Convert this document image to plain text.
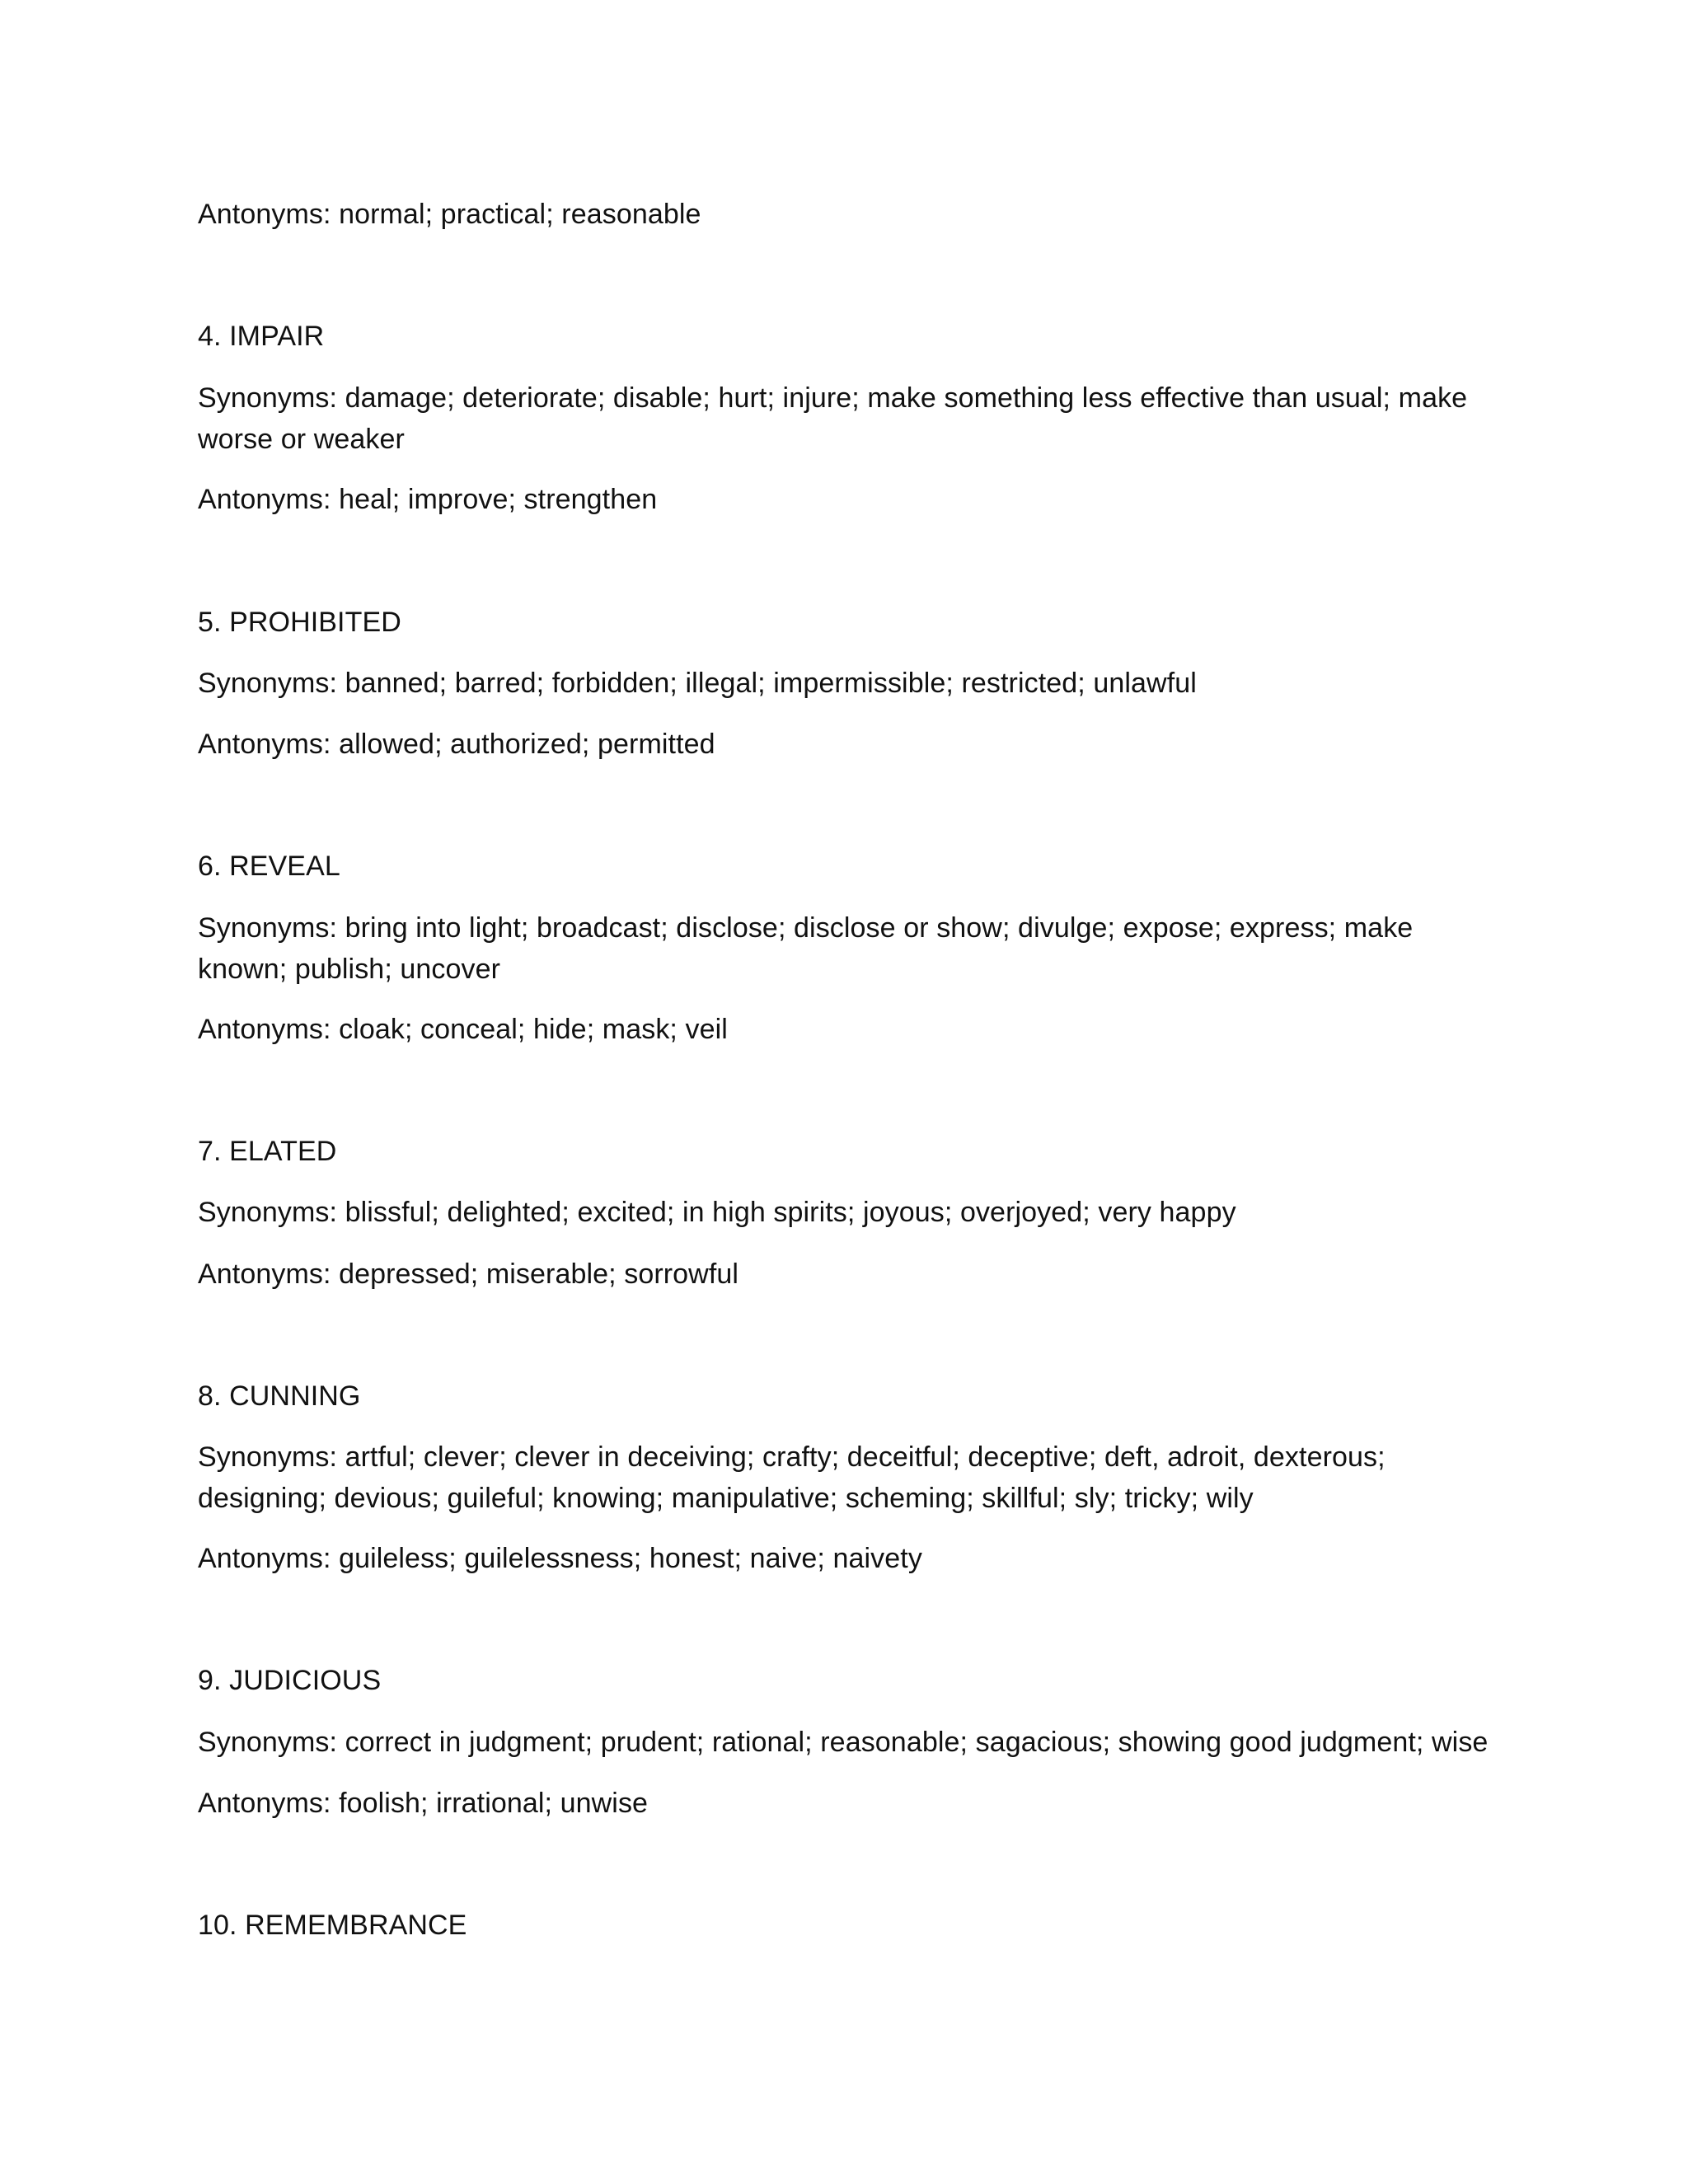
Antonyms: normal; practical; reasonable
4. IMPAIR
Synonyms: damage; deteriorate; disable; hurt; injure; make something less effective than usual; make worse or weaker
Antonyms: heal; improve; strengthen
5. PROHIBITED
Synonyms: banned; barred; forbidden; illegal; impermissible; restricted; unlawful
Antonyms: allowed; authorized; permitted
6. REVEAL
Synonyms: bring into light; broadcast; disclose; disclose or show; divulge; expose; express; make known; publish; uncover
Antonyms: cloak; conceal; hide; mask; veil
7. ELATED
Synonyms: blissful; delighted; excited; in high spirits; joyous; overjoyed; very happy
Antonyms: depressed; miserable; sorrowful
8. CUNNING
Synonyms: artful; clever; clever in deceiving; crafty; deceitful; deceptive; deft, adroit, dexterous; designing; devious; guileful; knowing; manipulative; scheming; skillful; sly; tricky; wily
Antonyms: guileless; guilelessness; honest; naive; naivety
9. JUDICIOUS
Synonyms: correct in judgment; prudent; rational; reasonable; sagacious; showing good judgment; wise
Antonyms: foolish; irrational; unwise
10. REMEMBRANCE
